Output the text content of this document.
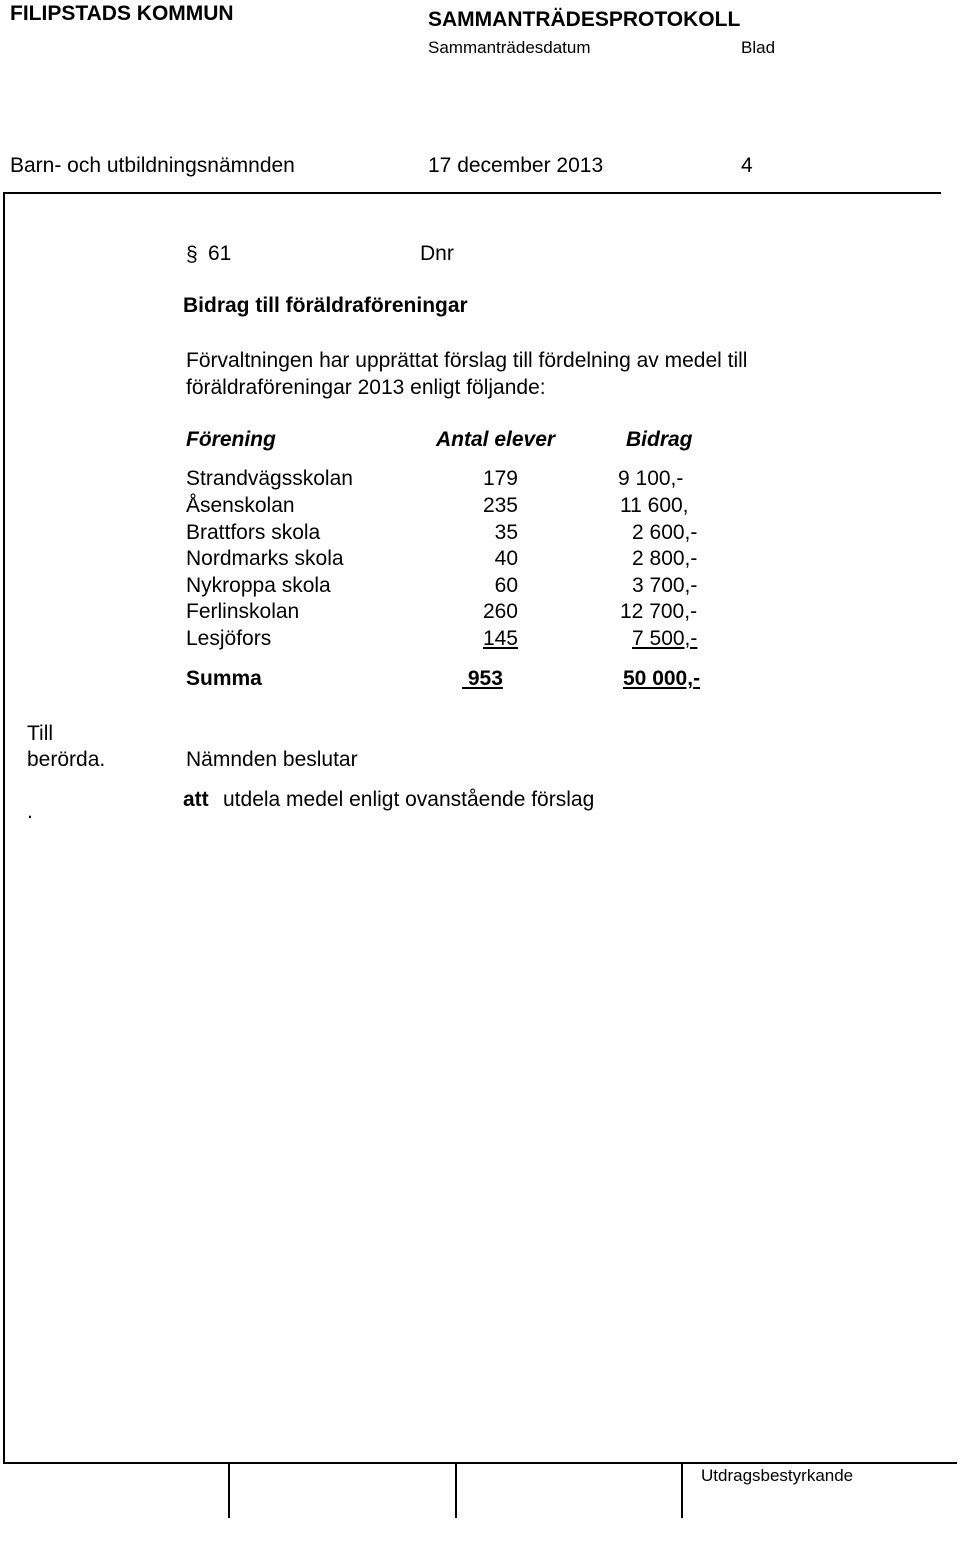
FILIPSTADS KOMMUN	SAMMANTRÄDESPROTOKOLL
Sammanträdesdatum	Blad
Barn- och utbildningsnämnden	17 december 2013	4
§ 61	Dnr
Bidrag till föräldraföreningar
Förvaltningen har upprättat förslag till fördelning av medel till
föräldraföreningar 2013 enligt följande:
Förening	Antal elever	Bidrag
Strandvägsskolan	179	9 100,-
Åsenskolan	235	11 600,
Brattfors skola	35	2 600,-
Nordmarks skola	40	2 800,-
Nykroppa skola	60	3 700,-
Ferlinskolan	260	12 700,-
Lesjöfors	145	7 500,-
Summa	953	50 000,-
Till
berörda.
.
Nämnden beslutar
att utdela medel enligt ovanstående förslag
Utdragsbestyrkande
